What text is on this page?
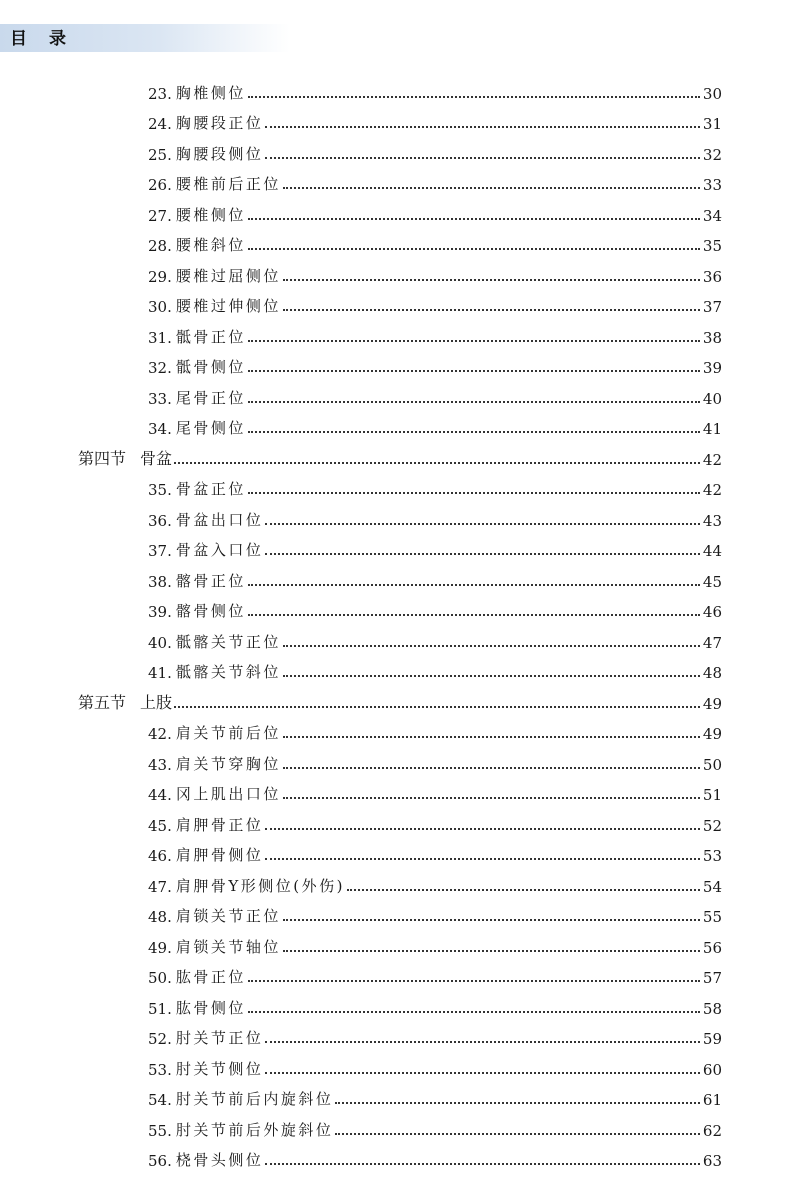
目录
23. 胸椎侧位	30
24. 胸腰段正位	31
25. 胸腰段侧位	32
26. 腰椎前后正位	33
27. 腰椎侧位	34
28. 腰椎斜位	35
29. 腰椎过屈侧位	36
30. 腰椎过伸侧位	37
31. 骶骨正位	38
32. 骶骨侧位	39
33. 尾骨正位	40
34. 尾骨侧位	41
第四节 骨盆	42
35. 骨盆正位	42
36. 骨盆出口位	43
37. 骨盆入口位	44
38. 髂骨正位	45
39. 髂骨侧位	46
40. 骶髂关节正位	47
41. 骶髂关节斜位	48
第五节 上肢	49
42. 肩关节前后位	49
43. 肩关节穿胸位	50
44. 冈上肌出口位	51
45. 肩胛骨正位	52
46. 肩胛骨侧位	53
47. 肩胛骨Y形侧位(外伤)	54
48. 肩锁关节正位	55
49. 肩锁关节轴位	56
50. 肱骨正位	57
51. 肱骨侧位	58
52. 肘关节正位	59
53. 肘关节侧位	60
54. 肘关节前后内旋斜位	61
55. 肘关节前后外旋斜位	62
56. 桡骨头侧位	63
